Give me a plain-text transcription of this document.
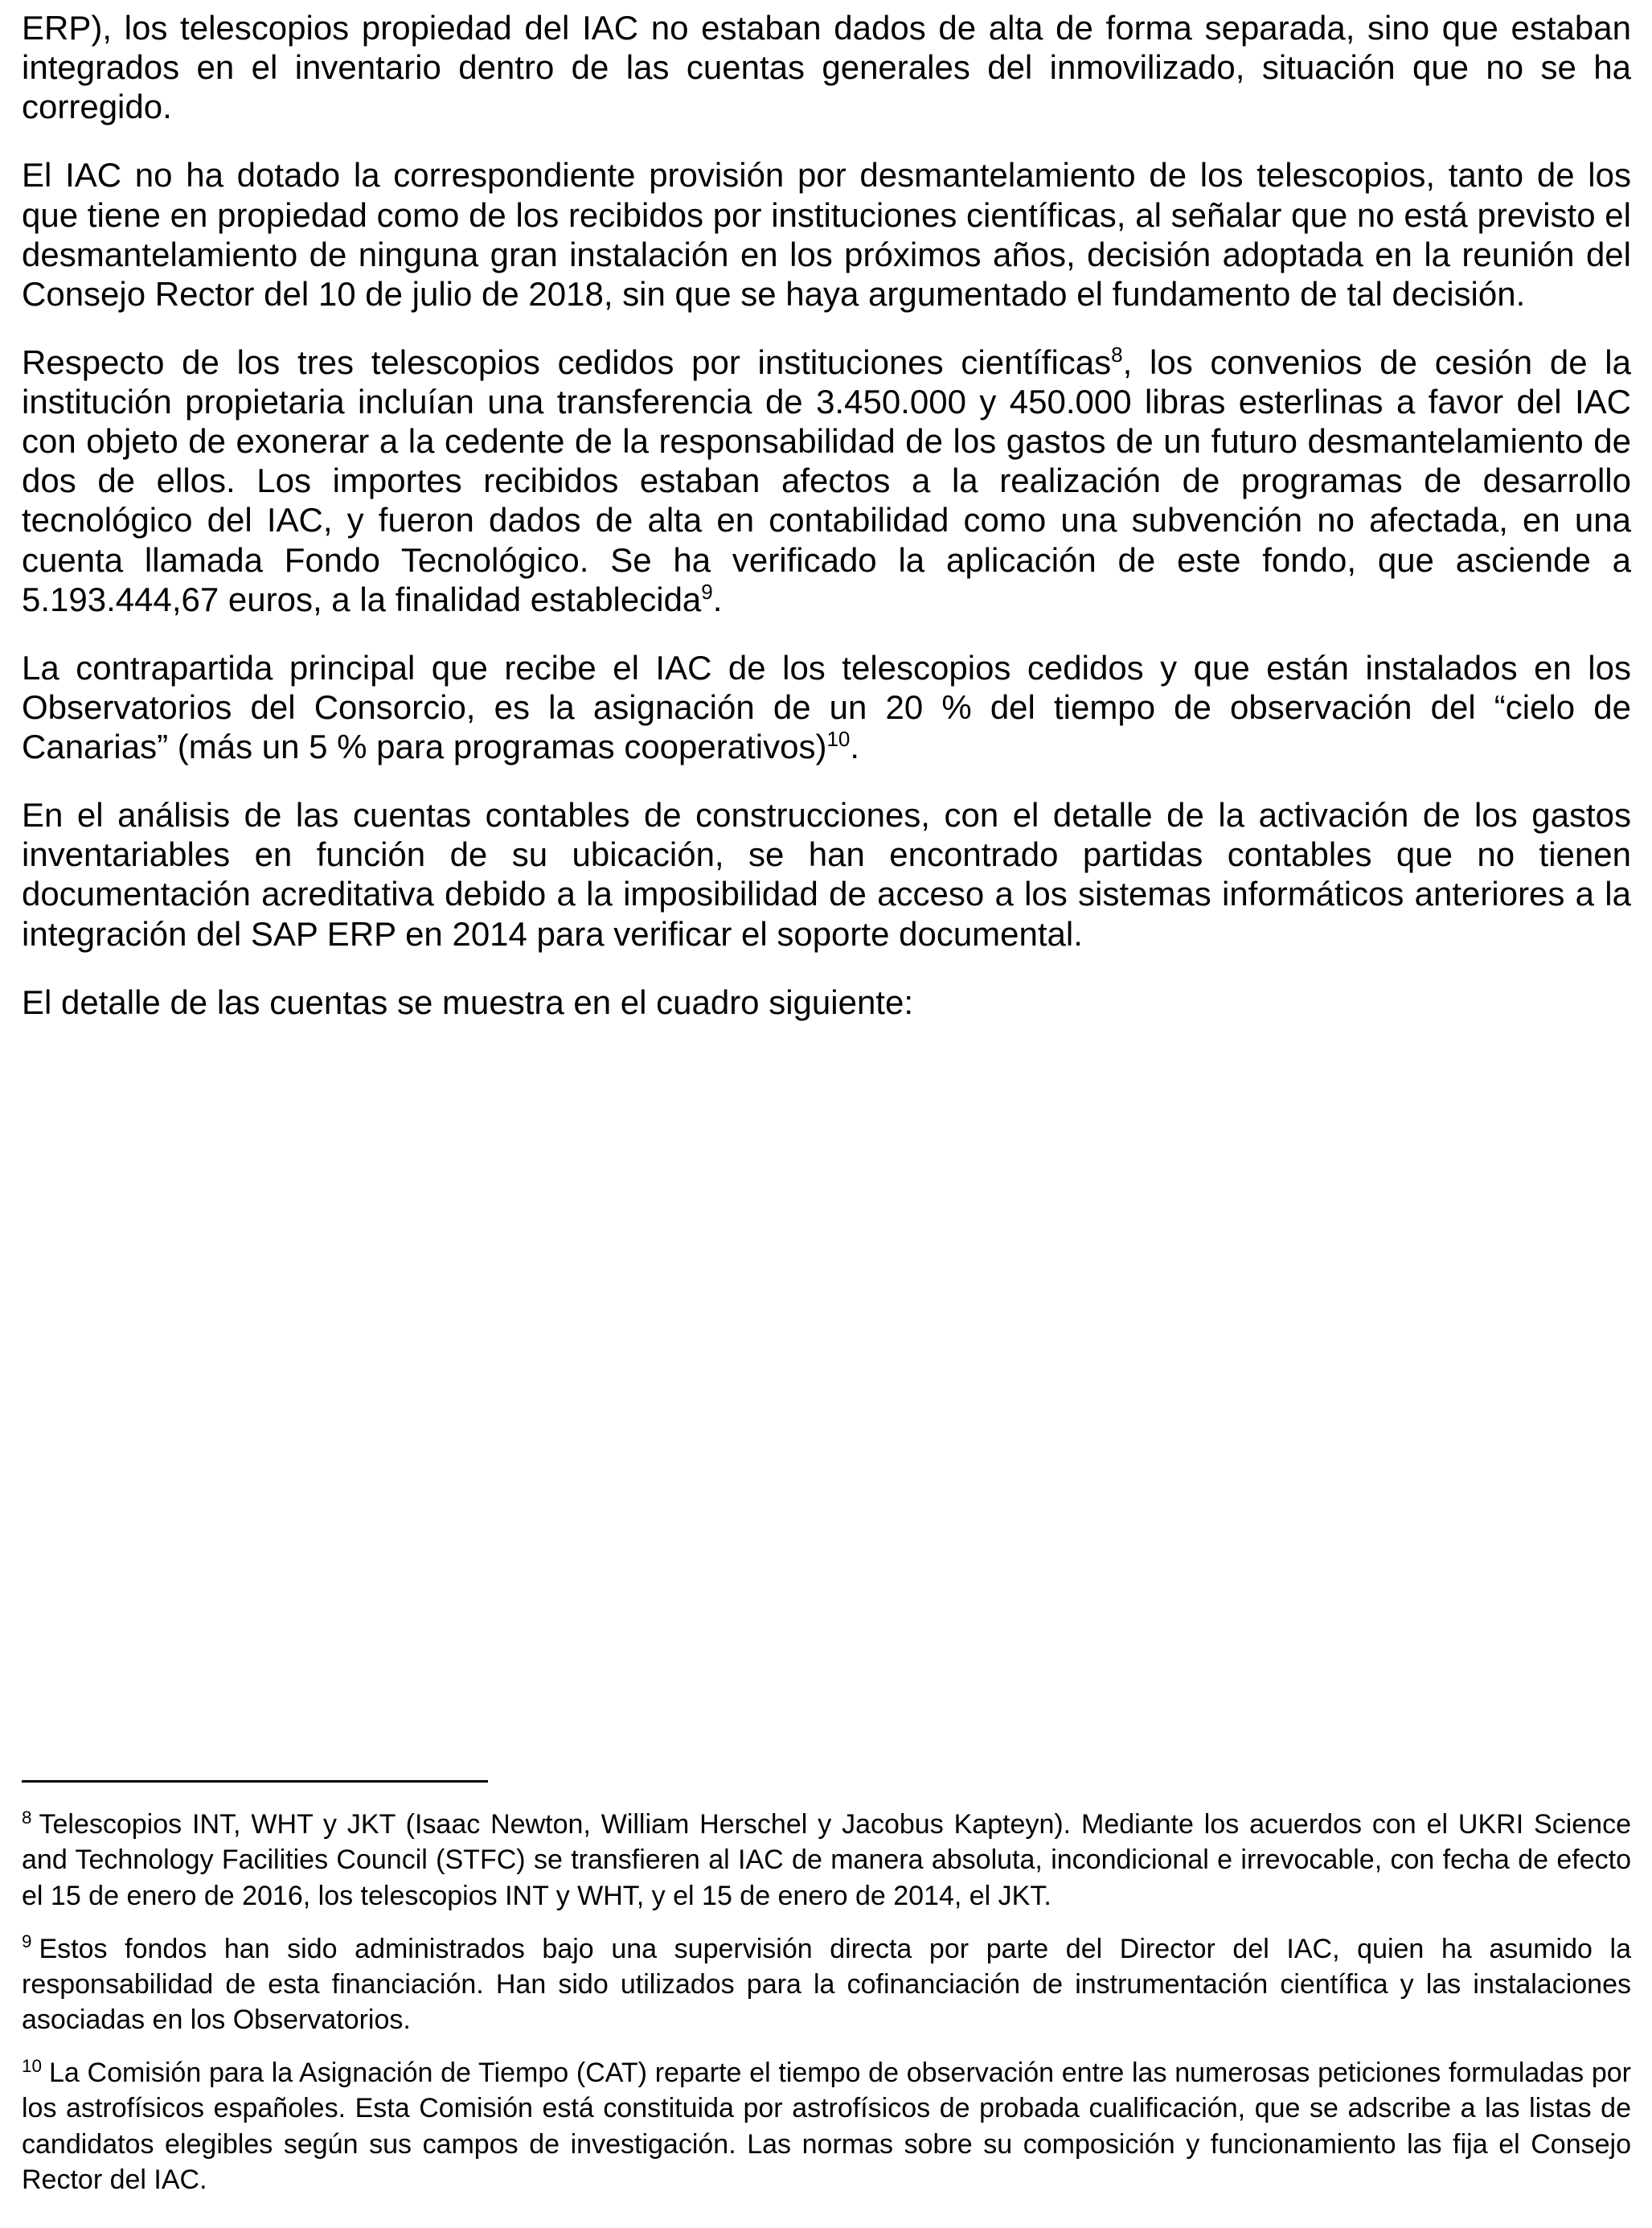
ERP), los telescopios propiedad del IAC no estaban dados de alta de forma separada, sino que estaban integrados en el inventario dentro de las cuentas generales del inmovilizado, situación que no se ha corregido.

El IAC no ha dotado la correspondiente provisión por desmantelamiento de los telescopios, tanto de los que tiene en propiedad como de los recibidos por instituciones científicas, al señalar que no está previsto el desmantelamiento de ninguna gran instalación en los próximos años, decisión adoptada en la reunión del Consejo Rector del 10 de julio de 2018, sin que se haya argumentado el fundamento de tal decisión.

Respecto de los tres telescopios cedidos por instituciones científicas$^8$, los convenios de cesión de la institución propietaria incluían una transferencia de 3.450.000 y 450.000 libras esterlinas a favor del IAC con objeto de exonerar a la cedente de la responsabilidad de los gastos de un futuro desmantelamiento de dos de ellos. Los importes recibidos estaban afectos a la realización de programas de desarrollo tecnológico del IAC, y fueron dados de alta en contabilidad como una subvención no afectada, en una cuenta llamada Fondo Tecnológico. Se ha verificado la aplicación de este fondo, que asciende a 5.193.444,67 euros, a la finalidad establecida$^9$.

La contrapartida principal que recibe el IAC de los telescopios cedidos y que están instalados en los Observatorios del Consorcio, es la asignación de un 20 % del tiempo de observación del “cielo de Canarias” (más un 5 % para programas cooperativos)$^{10}$.

En el análisis de las cuentas contables de construcciones, con el detalle de la activación de los gastos inventariables en función de su ubicación, se han encontrado partidas contables que no tienen documentación acreditativa debido a la imposibilidad de acceso a los sistemas informáticos anteriores a la integración del SAP ERP en 2014 para verificar el soporte documental.

El detalle de las cuentas se muestra en el cuadro siguiente:

$^8$ Telescopios INT, WHT y JKT (Isaac Newton, William Herschel y Jacobus Kapteyn). Mediante los acuerdos con el UKRI Science and Technology Facilities Council (STFC) se transfieren al IAC de manera absoluta, incondicional e irrevocable, con fecha de efecto el 15 de enero de 2016, los telescopios INT y WHT, y el 15 de enero de 2014, el JKT.

$^9$ Estos fondos han sido administrados bajo una supervisión directa por parte del Director del IAC, quien ha asumido la responsabilidad de esta financiación. Han sido utilizados para la cofinanciación de instrumentación científica y las instalaciones asociadas en los Observatorios.

$^{10}$ La Comisión para la Asignación de Tiempo (CAT) reparte el tiempo de observación entre las numerosas peticiones formuladas por los astrofísicos españoles. Esta Comisión está constituida por astrofísicos de probada cualificación, que se adscribe a las listas de candidatos elegibles según sus campos de investigación. Las normas sobre su composición y funcionamiento las fija el Consejo Rector del IAC.
